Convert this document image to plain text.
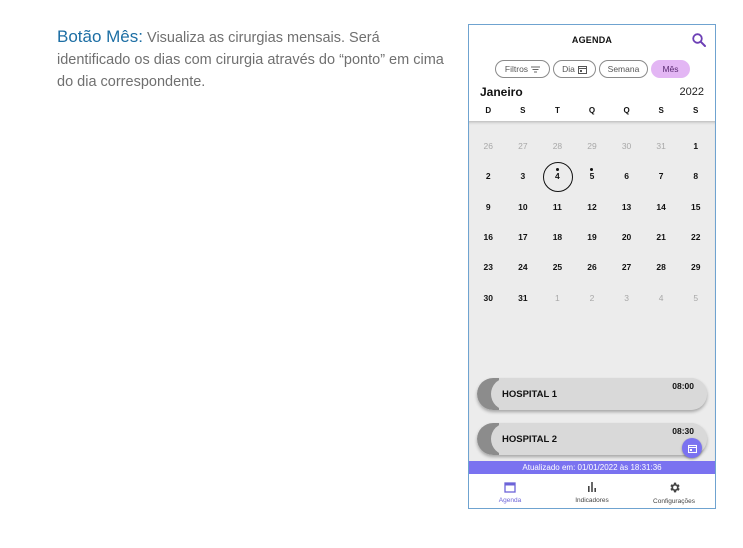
Botão Mês: Visualiza as cirurgias mensais. Será identificado os dias com cirurgia através do “ponto” em cima do dia correspondente.
AGENDA
Filtros	Dia	Semana	Mês
Janeiro	2022
D	S	T	Q	Q	S	S
26	27	28	29	30	31	1
2	3	4	5	6	7	8
9	10	11	12	13	14	15
16	17	18	19	20	21	22
23	24	25	26	27	28	29
30	31	1	2	3	4	5
HOSPITAL 1
08:00
HOSPITAL 2
08:30
Atualizado em: 01/01/2022 às 18:31:36
Agenda	Indicadores	Configurações
